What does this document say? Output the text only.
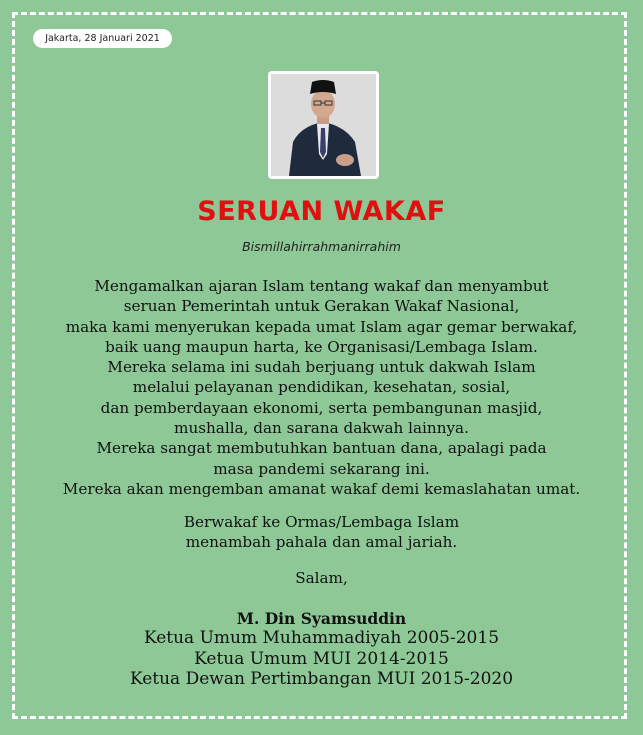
Jakarta, 28 Januari 2021
SERUAN WAKAF
Bismillahirrahmanirrahim
Mengamalkan ajaran Islam tentang wakaf dan menyambut
seruan Pemerintah untuk Gerakan Wakaf Nasional,
maka kami menyerukan kepada umat Islam agar gemar berwakaf,
baik uang maupun harta, ke Organisasi/Lembaga Islam.
Mereka selama ini sudah berjuang untuk dakwah Islam
melalui pelayanan pendidikan, kesehatan, sosial,
dan pemberdayaan ekonomi, serta pembangunan masjid,
mushalla, dan sarana dakwah lainnya.
Mereka sangat membutuhkan bantuan dana, apalagi pada
masa pandemi sekarang ini.
Mereka akan mengemban amanat wakaf demi kemaslahatan umat.
Berwakaf ke Ormas/Lembaga Islam
menambah pahala dan amal jariah.
Salam,
M. Din Syamsuddin
Ketua Umum Muhammadiyah 2005-2015
Ketua Umum MUI 2014-2015
Ketua Dewan Pertimbangan MUI 2015-2020
